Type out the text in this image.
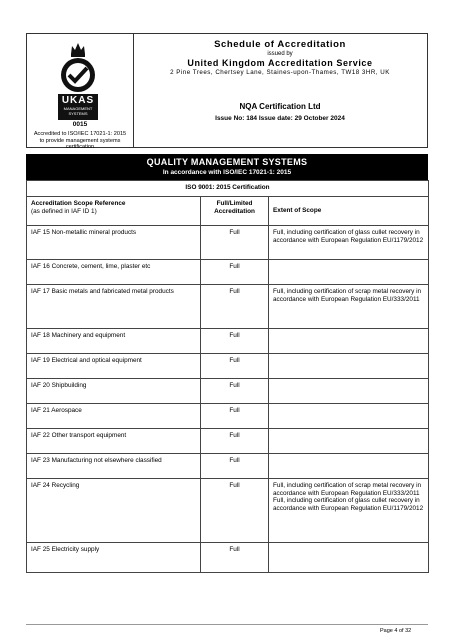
UKAS
MANAGEMENT SYSTEMS
0015
Accredited to ISO/IEC 17021-1: 2015 to provide management systems certification
Schedule of Accreditation
issued by
United Kingdom Accreditation Service
2 Pine Trees, Chertsey Lane, Staines-upon-Thames, TW18 3HR, UK
NQA Certification Ltd
Issue No: 184 Issue date: 29 October 2024
QUALITY MANAGEMENT SYSTEMS
In accordance with ISO/IEC 17021-1: 2015
ISO 9001: 2015 Certification		

Accreditation Scope Reference
(as defined in IAF ID 1)	Full/Limited Accreditation	Extent of Scope
IAF 15 Non-metallic mineral products	Full	Full, including certification of glass cullet recovery in accordance with European Regulation EU/1179/2012
IAF 16 Concrete, cement, lime, plaster etc	Full	
IAF 17 Basic metals and fabricated metal products	Full	Full, including certification of scrap metal recovery in accordance with European Regulation EU/333/2011
IAF 18 Machinery and equipment	Full	
IAF 19 Electrical and optical equipment	Full	
IAF 20 Shipbuilding	Full	
IAF 21 Aerospace	Full	
IAF 22 Other transport equipment	Full	
IAF 23 Manufacturing not elsewhere classified	Full	
IAF 24 Recycling	Full	Full, including certification of scrap metal recovery in accordance with European Regulation EU/333/2011
Full, including certification of glass cullet recovery in accordance with European Regulation EU/1179/2012
IAF 25 Electricity supply	Full	
Page 4 of 32
